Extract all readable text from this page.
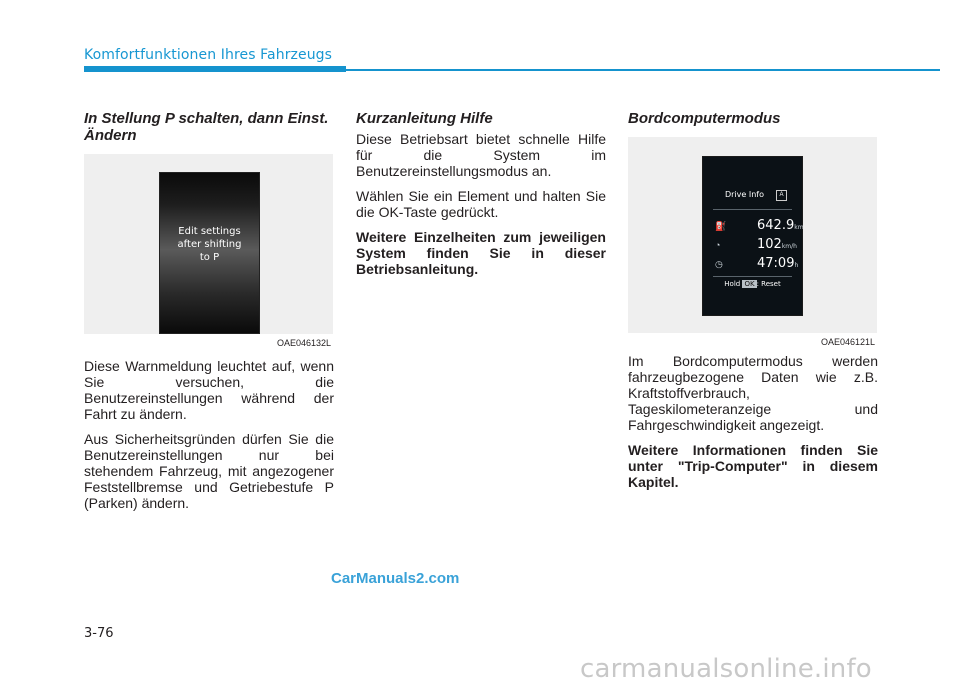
Komfortfunktionen Ihres Fahrzeugs
In Stellung P schalten, dann Einst. Ändern
Edit settings
after shifting
to P
OAE046132L

Diese Warnmeldung leuchtet auf, wenn Sie versuchen, die Benutzereinstellungen während der Fahrt zu ändern.

Aus Sicherheitsgründen dürfen Sie die Benutzereinstellungen nur bei stehendem Fahrzeug, mit angezogener Feststellbremse und Getriebestufe P (Parken) ändern.

Kurzanleitung Hilfe

Diese Betriebsart bietet schnelle Hilfe für die System im Benutzereinstellungsmodus an.

Wählen Sie ein Element und halten Sie die OK-Taste gedrückt.

Weitere Einzelheiten zum jeweiligen System finden Sie in dieser Betriebsanleitung.

Bordcomputermodus
Drive Info	A
⛽ 642.9km
◔	102km/h
◷	47:09h
Hold OK : Reset
OAE046121L

Im Bordcomputermodus werden fahrzeugbezogene Daten wie z.B. Kraftstoffverbrauch, Tageskilometeranzeige und Fahrgeschwindigkeit angezeigt.

Weitere Informationen finden Sie unter "Trip-Computer" in diesem Kapitel.

CarManuals2.com
3-76
carmanualsonline.info
